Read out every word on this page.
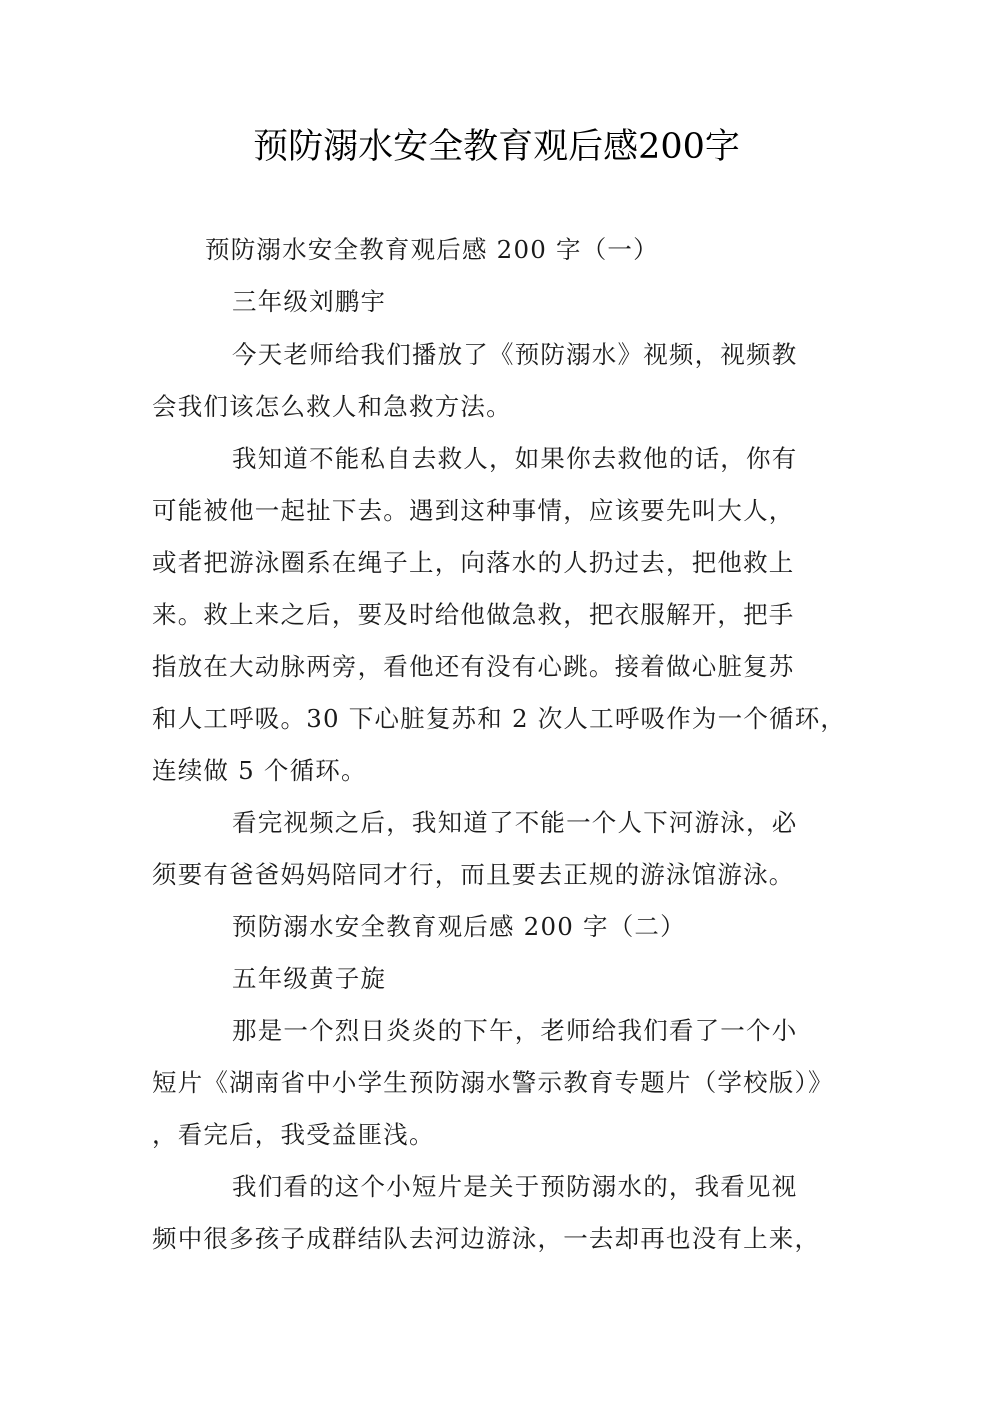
预防溺水安全教育观后感200字
预防溺水安全教育观后感 200 字（一）
三年级刘鹏宇
今天老师给我们播放了《预防溺水》视频，视频教
会我们该怎么救人和急救方法。
我知道不能私自去救人，如果你去救他的话，你有
可能被他一起扯下去。遇到这种事情，应该要先叫大人，
或者把游泳圈系在绳子上，向落水的人扔过去，把他救上
来。救上来之后，要及时给他做急救，把衣服解开，把手
指放在大动脉两旁，看他还有没有心跳。接着做心脏复苏
和人工呼吸。30 下心脏复苏和 2 次人工呼吸作为一个循环，
连续做 5 个循环。
看完视频之后，我知道了不能一个人下河游泳，必
须要有爸爸妈妈陪同才行，而且要去正规的游泳馆游泳。
预防溺水安全教育观后感 200 字（二）
五年级黄子旋
那是一个烈日炎炎的下午，老师给我们看了一个小
短片《湖南省中小学生预防溺水警示教育专题片（学校版）》
，看完后，我受益匪浅。
我们看的这个小短片是关于预防溺水的，我看见视
频中很多孩子成群结队去河边游泳，一去却再也没有上来，
